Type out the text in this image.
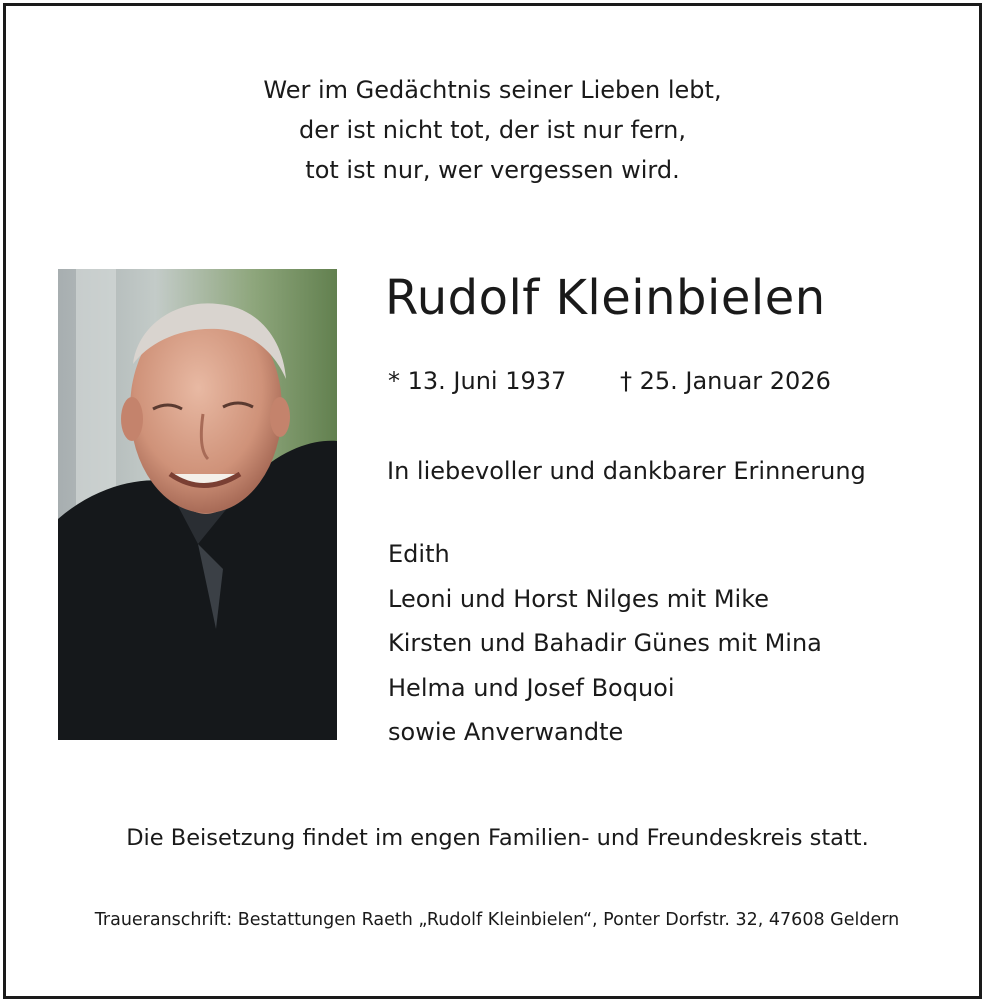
Wer im Gedächtnis seiner Lieben lebt,
der ist nicht tot, der ist nur fern,
tot ist nur, wer vergessen wird.
Rudolf Kleinbielen
* 13. Juni 1937 † 25. Januar 2026
In liebevoller und dankbarer Erinnerung
Edith
Leoni und Horst Nilges mit Mike
Kirsten und Bahadir Günes mit Mina
Helma und Josef Boquoi
sowie Anverwandte
Die Beisetzung findet im engen Familien- und Freundeskreis statt.
Traueranschrift: Bestattungen Raeth „Rudolf Kleinbielen“, Ponter Dorfstr. 32, 47608 Geldern
